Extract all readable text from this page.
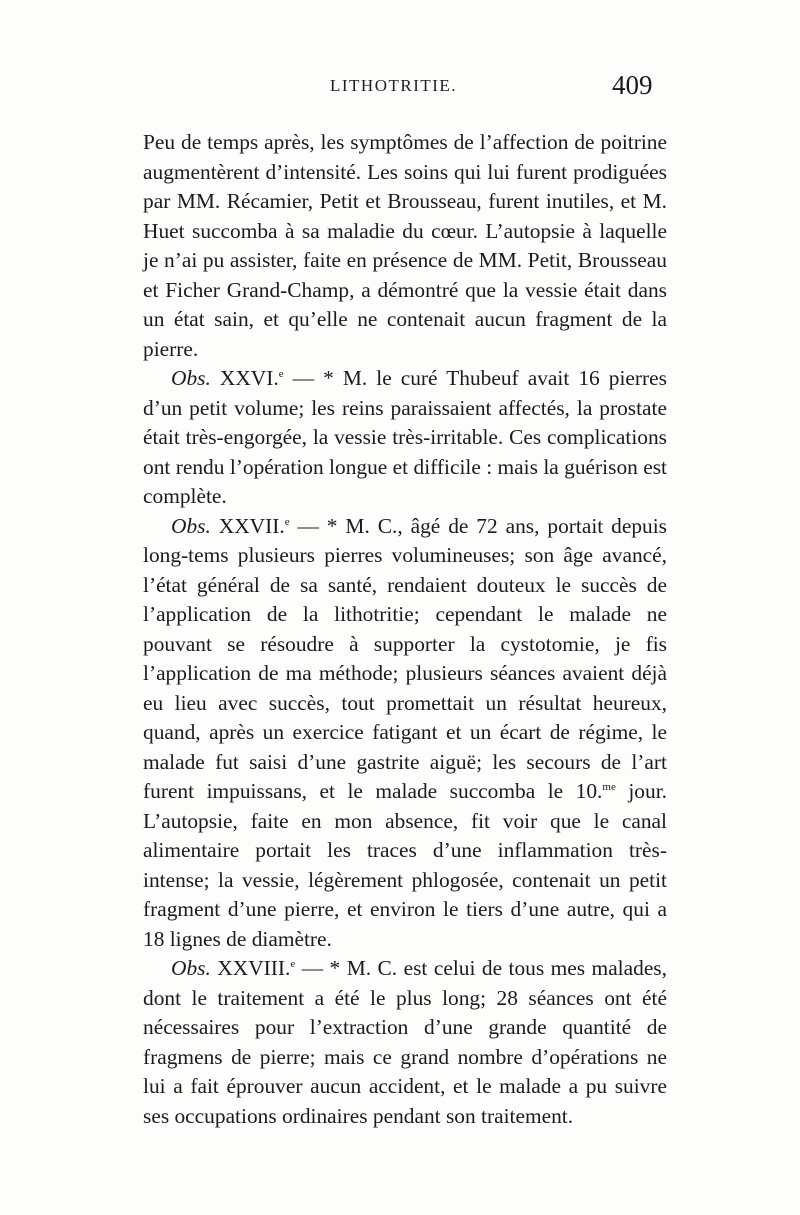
LITHOTRITIE.	409

Peu de temps après, les symptômes de l’affection de poitrine augmentèrent d’intensité. Les soins qui lui furent prodiguées par MM. Récamier, Petit et Brousseau, furent inutiles, et M. Huet succomba à sa maladie du cœur. L’autopsie à laquelle je n’ai pu assister, faite en présence de MM. Petit, Brousseau et Ficher Grand-Champ, a démontré que la vessie était dans un état sain, et qu’elle ne contenait aucun fragment de la pierre.

Obs. XXVI.$^e$ — * M. le curé Thubeuf avait 16 pierres d’un petit volume; les reins paraissaient affectés, la prostate était très-engorgée, la vessie très-irritable. Ces complications ont rendu l’opération longue et difficile : mais la guérison est complète.

Obs. XXVII.$^e$ — * M. C., âgé de 72 ans, portait depuis long-tems plusieurs pierres volumineuses; son âge avancé, l’état général de sa santé, rendaient douteux le succès de l’application de la lithotritie; cependant le malade ne pouvant se résoudre à supporter la cystotomie, je fis l’application de ma méthode; plusieurs séances avaient déjà eu lieu avec succès, tout promettait un résultat heureux, quand, après un exercice fatigant et un écart de régime, le malade fut saisi d’une gastrite aiguë; les secours de l’art furent impuissans, et le malade succomba le 10.$^{me}$ jour. L’autopsie, faite en mon absence, fit voir que le canal alimentaire portait les traces d’une inflammation très-intense; la vessie, légèrement phlogosée, contenait un petit fragment d’une pierre, et environ le tiers d’une autre, qui a 18 lignes de diamètre.

Obs. XXVIII.$^e$ — * M. C. est celui de tous mes malades, dont le traitement a été le plus long; 28 séances ont été nécessaires pour l’extraction d’une grande quantité de fragmens de pierre; mais ce grand nombre d’opérations ne lui a fait éprouver aucun accident, et le malade a pu suivre ses occupations ordinaires pendant son traitement.
